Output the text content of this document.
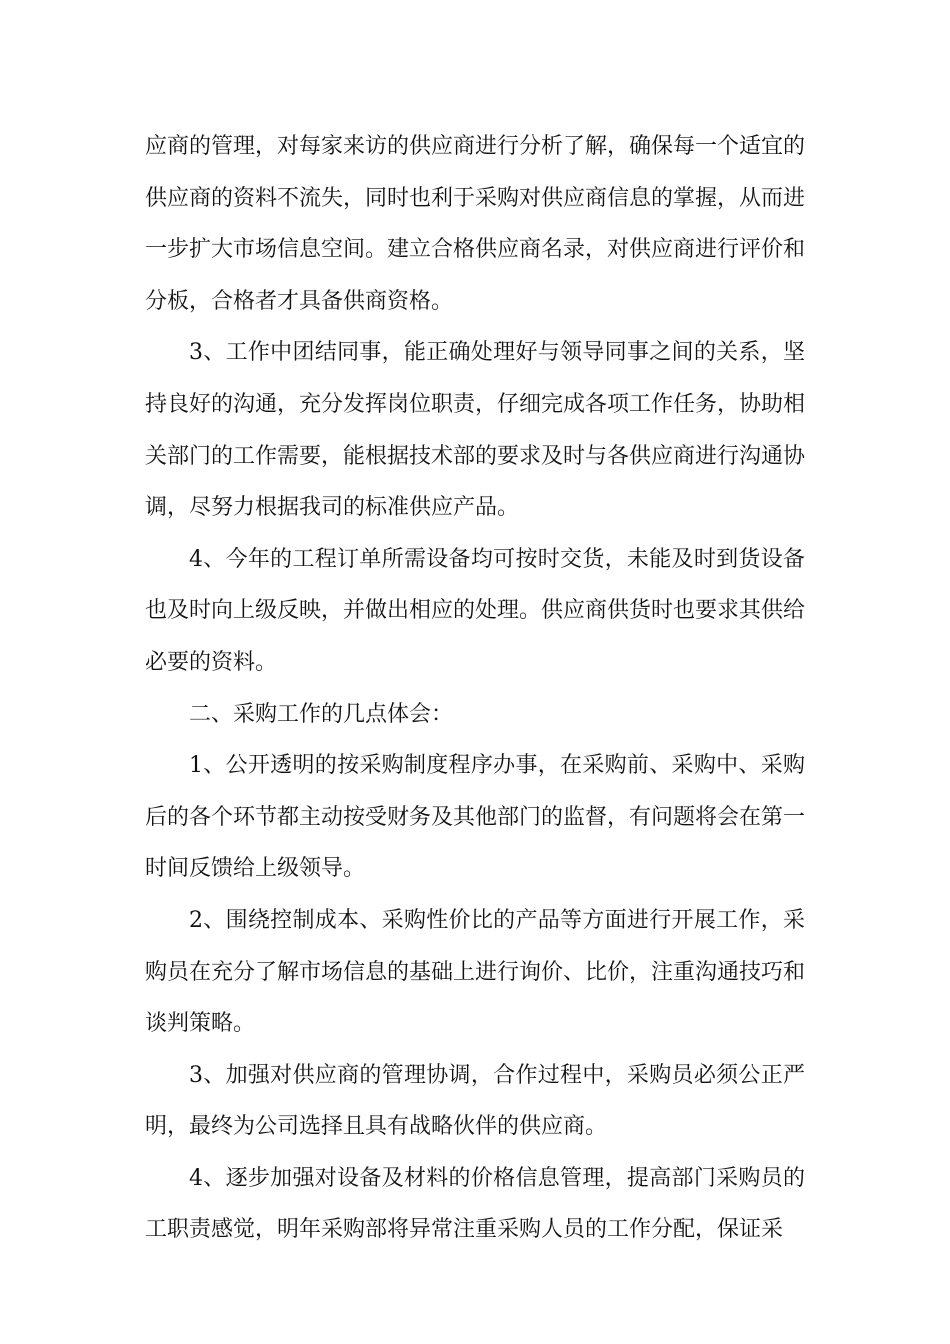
应商的管理，对每家来访的供应商进行分析了解，确保每一个适宜的供应商的资料不流失，同时也利于采购对供应商信息的掌握，从而进一步扩大市场信息空间。建立合格供应商名录，对供应商进行评价和分板，合格者才具备供商资格。

3、工作中团结同事，能正确处理好与领导同事之间的关系，坚持良好的沟通，充分发挥岗位职责，仔细完成各项工作任务，协助相关部门的工作需要，能根据技术部的要求及时与各供应商进行沟通协调，尽努力根据我司的标准供应产品。

4、今年的工程订单所需设备均可按时交货，未能及时到货设备也及时向上级反映，并做出相应的处理。供应商供货时也要求其供给必要的资料。

二、采购工作的几点体会：

1、公开透明的按采购制度程序办事，在采购前、采购中、采购后的各个环节都主动按受财务及其他部门的监督，有问题将会在第一时间反馈给上级领导。

2、围绕控制成本、采购性价比的产品等方面进行开展工作，采购员在充分了解市场信息的基础上进行询价、比价，注重沟通技巧和谈判策略。

3、加强对供应商的管理协调，合作过程中，采购员必须公正严明，最终为公司选择且具有战略伙伴的供应商。

4、逐步加强对设备及材料的价格信息管理，提高部门采购员的工职责感觉，明年采购部将异常注重采购人员的工作分配，保证采
